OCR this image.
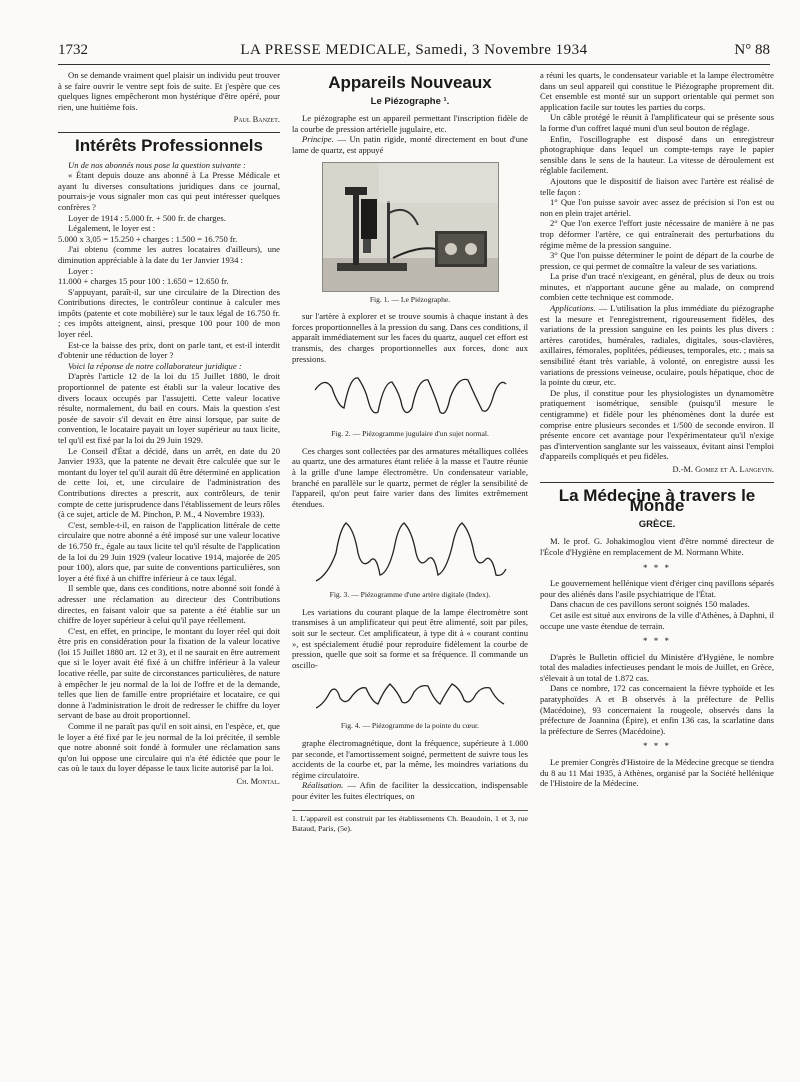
1732	LA PRESSE MEDICALE, Samedi, 3 Novembre 1934	N° 88

On se demande vraiment quel plaisir un individu peut trouver à se faire ouvrir le ventre sept fois de suite. Et j'espère que ces quelques lignes empêcheront mon hystérique d'être opéré, pour rien, une huitième fois.

Paul Banzet.

Intérêts Professionnels

Un de nos abonnés nous pose la question suivante :

« Étant depuis douze ans abonné à La Presse Médicale et ayant lu diverses consultations juridiques dans ce journal, pourrais-je vous signaler mon cas qui peut intéresser quelques confrères ?

Loyer de 1914 : 5.000 fr. + 500 fr. de charges.

Légalement, le loyer est :

5.000 x 3,05 = 15.250 + charges : 1.500 = 16.750 fr.

J'ai obtenu (comme les autres locataires d'ailleurs), une diminution appréciable à la date du 1er Janvier 1934 :

Loyer :

11.000 + charges 15 pour 100 : 1.650 = 12.650 fr.

S'appuyant, paraît-il, sur une circulaire de la Direction des Contributions directes, le contrôleur continue à calculer mes impôts (patente et cote mobilière) sur le taux légal de 16.750 fr. ; ces impôts atteignent, ainsi, presque 100 pour 100 de mon loyer réel.

Est-ce la baisse des prix, dont on parle tant, et est-il interdit d'obtenir une réduction de loyer ?

Voici la réponse de notre collaborateur juridique :

D'après l'article 12 de la loi du 15 Juillet 1880, le droit proportionnel de patente est établi sur la valeur locative des divers locaux occupés par l'assujetti. Cette valeur locative résulte, normalement, du bail en cours. Mais la question s'est posée de savoir s'il devait en être ainsi lorsque, par suite de convention, le locataire payait un loyer supérieur au taux licite, tel qu'il est fixé par la loi du 29 Juin 1929.

Le Conseil d'État a décidé, dans un arrêt, en date du 20 Janvier 1933, que la patente ne devait être calculée que sur le montant du loyer tel qu'il aurait dû être déterminé en application de cette loi, et, une circulaire de l'administration des Contributions directes a prescrit, aux contrôleurs, de tenir compte de cette jurisprudence dans l'établissement de leurs rôles (à ce sujet, article de M. Pinchon, P. M., 4 Novembre 1933).

C'est, semble-t-il, en raison de l'application littérale de cette circulaire que notre abonné a été imposé sur une valeur locative de 16.750 fr., égale au taux licite tel qu'il résulte de l'application de la loi du 29 Juin 1929 (valeur locative 1914, majorée de 205 pour 100), alors que, par suite de conventions particulières, son loyer a été fixé à un chiffre inférieur à ce taux légal.

Il semble que, dans ces conditions, notre abonné soit fondé à adresser une réclamation au directeur des Contributions directes, en faisant valoir que sa patente a été établie sur un chiffre de loyer supérieur à celui qu'il paye réellement.

C'est, en effet, en principe, le montant du loyer réel qui doit être pris en considération pour la fixation de la valeur locative (loi 15 Juillet 1880 art. 12 et 3), et il ne saurait en être autrement que si le loyer avait été fixé à un chiffre inférieur à la valeur locative réelle, par suite de circonstances particulières, de nature à empêcher le jeu normal de la loi de l'offre et de la demande, telles que lien de famille entre propriétaire et locataire, ce qui donne à l'administration le droit de redresser le chiffre du loyer servant de base au droit proportionnel.

Comme il ne paraît pas qu'il en soit ainsi, en l'espèce, et, que le loyer a été fixé par le jeu normal de la loi précitée, il semble que notre abonné soit fondé à formuler une réclamation sans qu'on lui oppose une circulaire qui n'a été édictée que pour le cas où le taux du loyer dépasse le taux licite autorisé par la loi.

Ch. Montal.

Appareils Nouveaux
Le Piézographe ¹.

Le piézographe est un appareil permettant l'inscription fidèle de la courbe de pression artérielle jugulaire, etc.

Principe. — Un patin rigide, monté directement en bout d'une lame de quartz, est appuyé

Fig. 1. — Le Piézographe.

sur l'artère à explorer et se trouve soumis à chaque instant à des forces proportionnelles à la pression du sang. Dans ces conditions, il apparaît immédiatement sur les faces du quartz, auquel cet effort est transmis, des charges proportionnelles aux forces, donc aux pressions.

Fig. 2. — Piézogramme jugulaire d'un sujet normal.

Ces charges sont collectées par des armatures métalliques collées au quartz, une des armatures étant reliée à la masse et l'autre réunie à la grille d'une lampe électromètre. Un condensateur variable, branché en parallèle sur le quartz, permet de régler la sensibilité de l'appareil, qu'on peut faire varier dans des limites extrêmement étendues.

Fig. 3. — Piézogramme d'une artère digitale (Index).

Les variations du courant plaque de la lampe électromètre sont transmises à un amplificateur qui peut être alimenté, soit par piles, soit sur le secteur. Cet amplificateur, à type dit à « courant continu », est spécialement étudié pour reproduire fidèlement la courbe de pression, quelle que soit sa forme et sa fréquence. Il commande un oscillo-

Fig. 4. — Piézogramme de la pointe du cœur.

graphe électromagnétique, dont la fréquence, supérieure à 1.000 par seconde, et l'amortissement soigné, permettent de suivre tous les accidents de la courbe et, par la même, les moindres variations du régime circulatoire.

Réalisation. — Afin de faciliter la dessiccation, indispensable pour éviter les fuites électriques, on

1. L'appareil est construit par les établissements Ch. Beaudoin, 1 et 3, rue Bataud, Paris, (5e).

a réuni les quarts, le condensateur variable et la lampe électromètre dans un seul appareil qui constitue le Piézographe proprement dit. Cet ensemble est monté sur un support orientable qui permet son application facile sur toutes les parties du corps.

Un câble protégé le réunit à l'amplificateur qui se présente sous la forme d'un coffret laqué muni d'un seul bouton de réglage.

Enfin, l'oscillographe est disposé dans un enregistreur photographique dans lequel un compte-temps raye le papier sensible dans le sens de la hauteur. La vitesse de déroulement est réglable facilement.

Ajoutons que le dispositif de liaison avec l'artère est réalisé de telle façon :

1° Que l'on puisse savoir avec assez de précision si l'on est ou non en plein trajet artériel.

2° Que l'on exerce l'effort juste nécessaire de manière à ne pas trop déformer l'artère, ce qui entraînerait des perturbations du régime même de la pression sanguine.

3° Que l'on puisse déterminer le point de départ de la courbe de pression, ce qui permet de connaître la valeur de ses variations.

La prise d'un tracé n'exigeant, en général, plus de deux ou trois minutes, et n'apportant aucune gêne au malade, on comprend combien cette technique est commode.

Applications. — L'utilisation la plus immédiate du piézographe est la mesure et l'enregistrement, rigoureusement fidèles, des variations de la pression sanguine en les points les plus divers : artères carotides, humérales, radiales, digitales, sous-clavières, axillaires, fémorales, poplitées, pédieuses, temporales, etc. ; mais sa sensibilité étant très variable, à volonté, on enregistre aussi les variations de pressions veineuse, oculaire, pouls hépatique, choc de la pointe du cœur, etc.

De plus, il constitue pour les physiologistes un dynamomètre pratiquement isométrique, sensible (puisqu'il mesure le centigramme) et fidèle pour les phénomènes dont la durée est comprise entre plusieurs secondes et 1/500 de seconde environ. Il présente encore cet avantage pour l'expérimentateur qu'il n'exige pas d'intervention sanglante sur les vaisseaux, évitant ainsi l'emploi d'appareils compliqués et peu fidèles.

D.-M. Gomez et A. Langevin.

La Médecine à travers le Monde
GRÈCE.

M. le prof. G. Johakimoglou vient d'être nommé directeur de l'École d'Hygiène en remplacement de M. Normann White.

* * *

Le gouvernement hellénique vient d'ériger cinq pavillons séparés pour des aliénés dans l'asile psychiatrique de l'État.

Dans chacun de ces pavillons seront soignés 150 malades.

Cet asile est situé aux environs de la ville d'Athènes, à Daphni, il occupe une vaste étendue de terrain.

* * *

D'après le Bulletin officiel du Ministère d'Hygiène, le nombre total des maladies infectieuses pendant le mois de Juillet, en Grèce, s'élevait à un total de 1.872 cas.

Dans ce nombre, 172 cas concernaient la fièvre typhoïde et les paratyphoïdes A et B observés à la préfecture de Pellis (Macédoine), 93 concernaient la rougeole, observés dans la préfecture de Joannina (Épire), et enfin 136 cas, la scarlatine dans la préfecture de Serres (Macédoine).

* * *

Le premier Congrès d'Histoire de la Médecine grecque se tiendra du 8 au 11 Mai 1935, à Athènes, organisé par la Société hellénique de l'Histoire de la Médecine.
